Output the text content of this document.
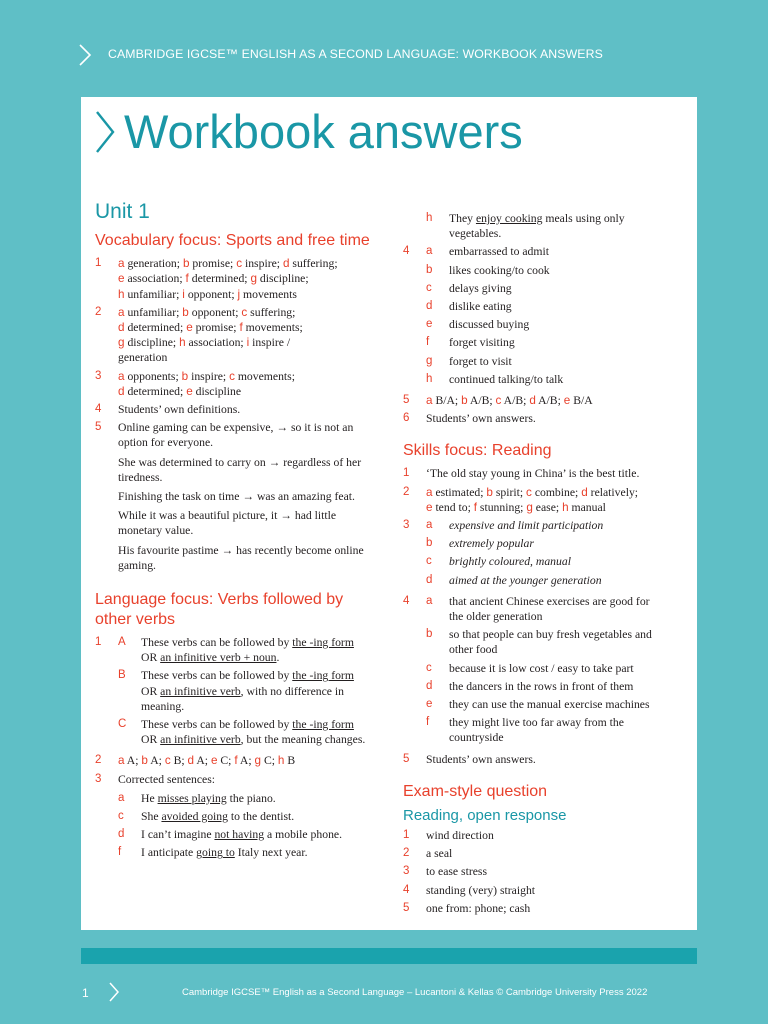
CAMBRIDGE IGCSE™ ENGLISH AS A SECOND LANGUAGE: WORKBOOK ANSWERS
Workbook answers
Unit 1
Vocabulary focus: Sports and free time
1	a generation; b promise; c inspire; d suffering;
e association; f determined; g discipline;
h unfamiliar; i opponent; j movements
2	a unfamiliar; b opponent; c suffering;
d determined; e promise; f movements;
g discipline; h association; i inspire /
generation
3	a opponents; b inspire; c movements;
d determined; e discipline
4	Students’ own definitions.
5	Online gaming can be expensive, → so it is not an option for everyone.
She was determined to carry on → regardless of her tiredness.
Finishing the task on time → was an amazing feat.
While it was a beautiful picture, it → had little monetary value.
His favourite pastime → has recently become online gaming.
Language focus: Verbs followed by other verbs
1	A	These verbs can be followed by the -ing form OR an infinitive verb + noun.
B	These verbs can be followed by the -ing form OR an infinitive verb, with no difference in meaning.
C	These verbs can be followed by the -ing form OR an infinitive verb, but the meaning changes.
2	a A; b A; c B; d A; e C; f A; g C; h B
3	Corrected sentences:
a	He misses playing the piano.
c	She avoided going to the dentist.
d	I can’t imagine not having a mobile phone.
f	I anticipate going to Italy next year.
h	They enjoy cooking meals using only vegetables.
4	a	embarrassed to admit
b	likes cooking/to cook
c	delays giving
d	dislike eating
e	discussed buying
f	forget visiting
g	forget to visit
h	continued talking/to talk
5	a B/A; b A/B; c A/B; d A/B; e B/A
6	Students’ own answers.
Skills focus: Reading
1	‘The old stay young in China’ is the best title.
2	a estimated; b spirit; c combine; d relatively;
e tend to; f stunning; g ease; h manual
3	a	expensive and limit participation
b	extremely popular
c	brightly coloured, manual
d	aimed at the younger generation
4	a	that ancient Chinese exercises are good for the older generation
b	so that people can buy fresh vegetables and other food
c	because it is low cost / easy to take part
d	the dancers in the rows in front of them
e	they can use the manual exercise machines
f	they might live too far away from the countryside
5	Students’ own answers.
Exam-style question
Reading, open response
1	wind direction
2	a seal
3	to ease stress
4	standing (very) straight
5	one from: phone; cash
1	Cambridge IGCSE™ English as a Second Language – Lucantoni & Kellas © Cambridge University Press 2022
